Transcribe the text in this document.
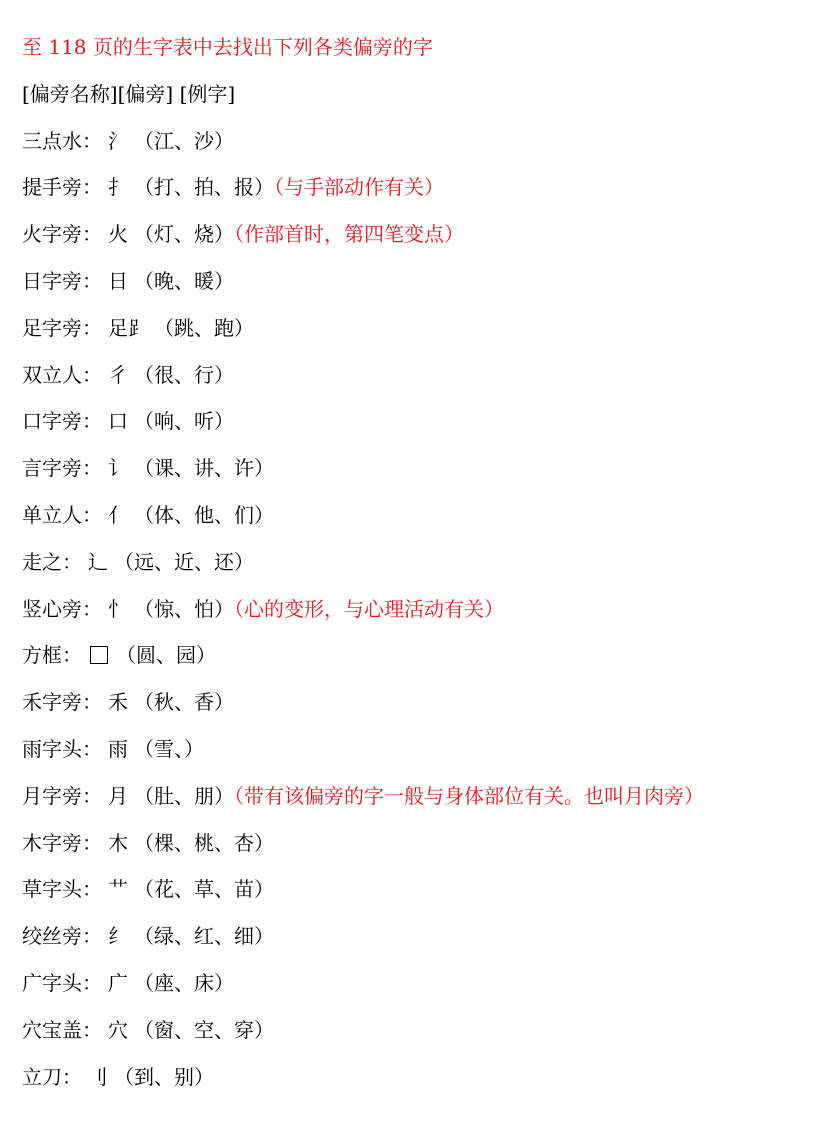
至 118 页的生字表中去找出下列各类偏旁的字
[偏旁名称][偏旁] [例字]
三点水： 氵 （江、沙）
提手旁： 扌 （打、拍、报）（与手部动作有关）
火字旁： 火 （灯、烧）（作部首时，第四笔变点）
日字旁： 日 （晚、暖）
足字旁： 足⻊ （跳、跑）
双立人： 彳 （很、行）
口字旁： 口 （响、听）
言字旁： 讠 （课、讲、许）
单立人： 亻 （体、他、们）
走之： 辶 （远、近、还）
竖心旁： 忄 （惊、怕）（心的变形，与心理活动有关）
方框： （圆、园）
禾字旁： 禾 （秋、香）
雨字头： 雨 （雪、）
月字旁： 月 （肚、朋）（带有该偏旁的字一般与身体部位有关。也叫月肉旁）
木字旁： 木 （棵、桃、杏）
草字头： 艹 （花、草、苗）
绞丝旁： 纟 （绿、红、细）
广字头： 广 （座、床）
穴宝盖： 穴 （窗、空、穿）
立刀： 刂 （到、别）
